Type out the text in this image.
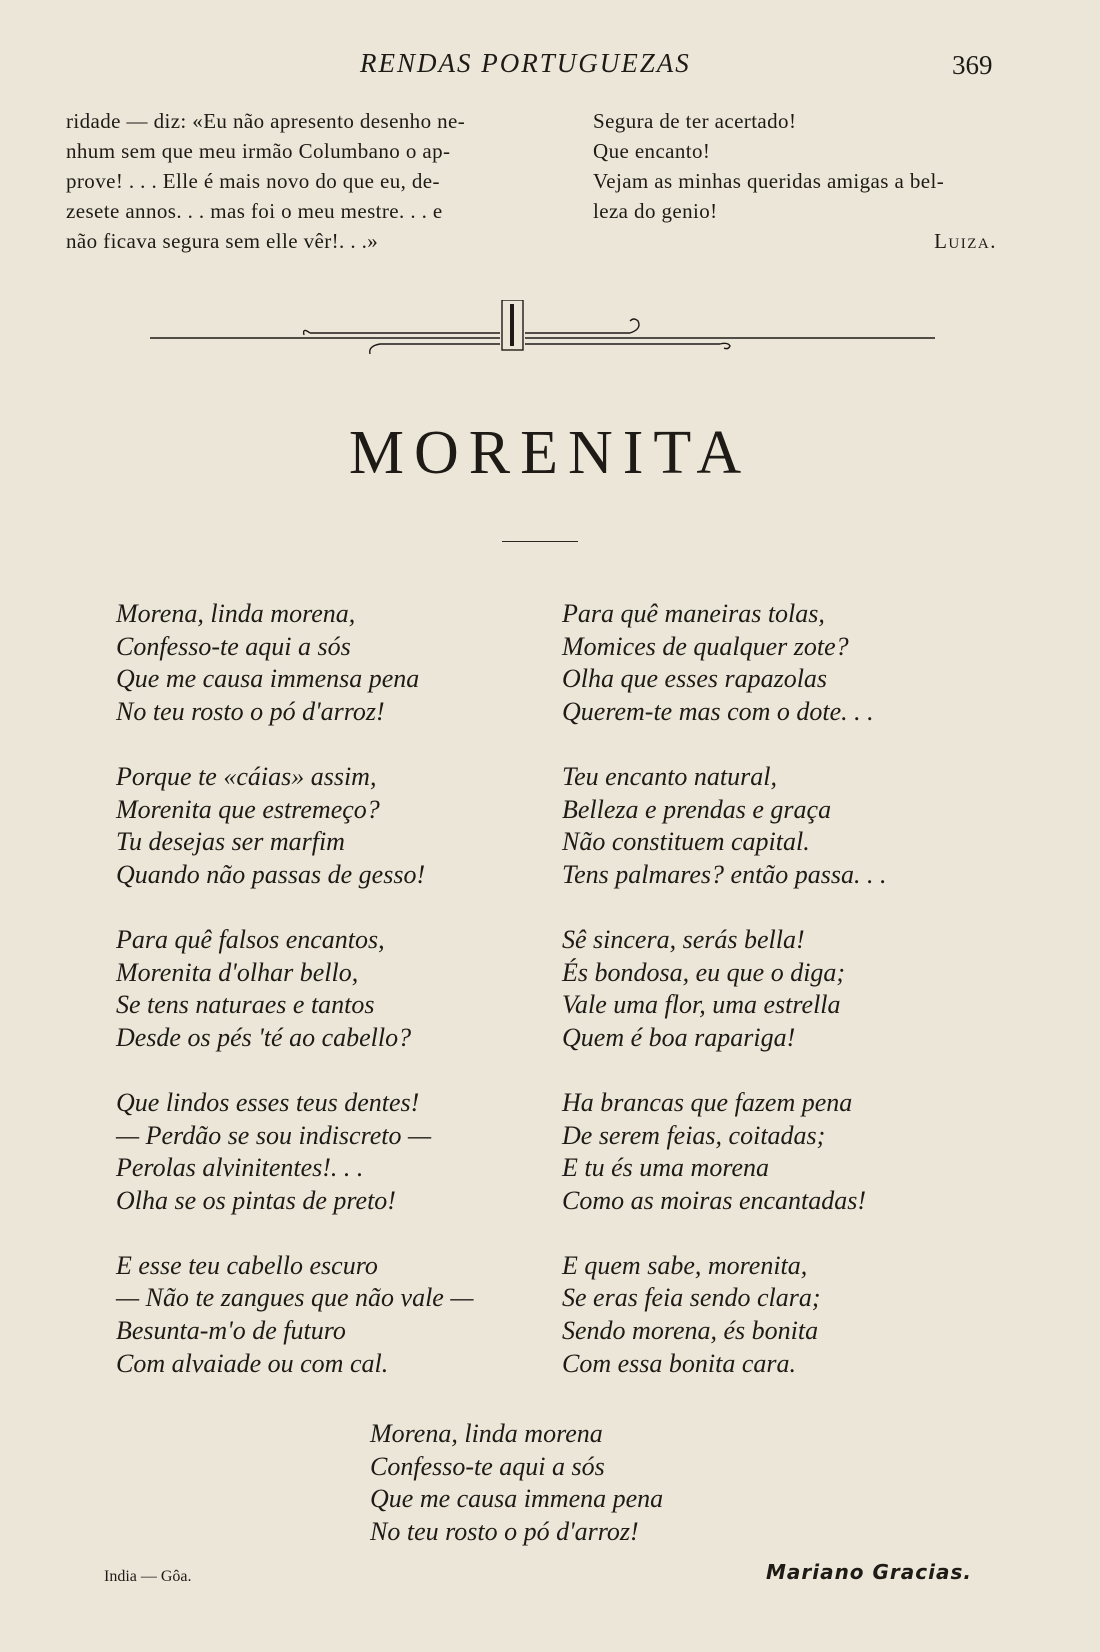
RENDAS PORTUGUEZAS	369

ridade — diz: «Eu não apresento desenho ne-

nhum sem que meu irmão Columbano o ap-

prove! . . . Elle é mais novo do que eu, de-

zesete annos. . . mas foi o meu mestre. . . e

não ficava segura sem elle vêr!. . .»

Segura de ter acertado!

Que encanto!

Vejam as minhas queridas amigas a bel-

leza do genio!

Luiza.

MORENITA
Morena, linda morena,
Confesso-te aqui a sós
Que me causa immensa pena
No teu rosto o pó d'arroz!
Porque te «cáias» assim,
Morenita que estremeço?
Tu desejas ser marfim
Quando não passas de gesso!
Para quê falsos encantos,
Morenita d'olhar bello,
Se tens naturaes e tantos
Desde os pés 'té ao cabello?
Que lindos esses teus dentes!
— Perdão se sou indiscreto —
Perolas alvinitentes!. . .
Olha se os pintas de preto!
E esse teu cabello escuro
— Não te zangues que não vale —
Besunta-m'o de futuro
Com alvaiade ou com cal.
Para quê maneiras tolas,
Momices de qualquer zote?
Olha que esses rapazolas
Querem-te mas com o dote. . .
Teu encanto natural,
Belleza e prendas e graça
Não constituem capital.
Tens palmares? então passa. . .
Sê sincera, serás bella!
És bondosa, eu que o diga;
Vale uma flor, uma estrella
Quem é boa rapariga!
Ha brancas que fazem pena
De serem feias, coitadas;
E tu és uma morena
Como as moiras encantadas!
E quem sabe, morenita,
Se eras feia sendo clara;
Sendo morena, és bonita
Com essa bonita cara.
Morena, linda morena
Confesso-te aqui a sós
Que me causa immena pena
No teu rosto o pó d'arroz!
India — Gôa.	Mariano Gracias.
